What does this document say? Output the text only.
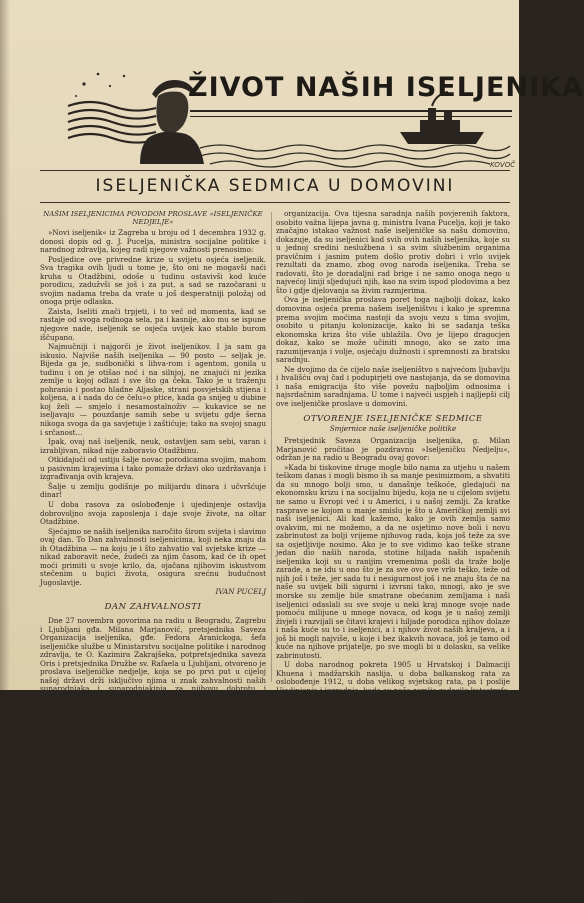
ŽIVOT NAŠIH ISELJENIKA
KOVOČ
ISELJENIČKA SEDMICA U DOMOVINI

NAŠIM ISELJENICIMA POVODOM PROSLAVE »ISELJENIČKE NEDJELJE«

»Novi iseljenik« iz Zagreba u broju od 1 decembra 1932 g. donosi dopis od g. J. Pucelja, ministra socijalne politike i narodnog zdravlja, kojeg radi njegove važnosti prenosimo:

Posljedice ove privredne krize u svijetu osjeća iseljenik. Sva tragika ovih ljudi u tome je, što oni ne mogavši naći kruha u Otadžbini, odoše u tudinu ostavivši kod kuće porodicu, zadužvši se još i za put, a sad se razočarani u svojim nadama treba da vrate u još desperatniji položaj od onoga prije odlaska.

Zaista, Iseliti znači trpjeti, i to već od momenta, kad se rastaje od svoga rodnoga sela, pa i kasnije, ako mu se ispune njegove nade, iseljenik se osjeća uvijek kao stablo burom iščupano.

Najmučniji i najgorči je život iseljenikov. I ja sam ga iskusio. Najviše naših iseljenika — 90 posto — seljak je. Bijeda ga je, sudbonički s lihva-rom i agentom, gonila u tudinu i on je otišao noć i na silnjoj, ne znajući ni jezika zemlje u kojoj odlazi i sve što ga čeka. Tako je u traženju pohranio i postao hladne Aljaske, strani posvjetskih stijena i koljena, a i nada do će čelu»o ptice, kada ga snijeg u dubine koj želi — smjelo i nesamostalnoživ — kukavice se ne iseljavaju — pouzdanje samih sebe u svijetu gdje šerna nikoga svoga da ga savjetuje i zaštićuje; tako na svojoj snagu i srčanost...

Ipak, ovaj naš iseljenik, neuk, ostavljen sam sebi, varan i izrabljivan, nikad nije zaboravio Otadžbinu.

Otkidajući od ustiju šalje novac porodicama svojim, mahom u pasivnim krajevima i tako pomaže državi oko uzdržavanja i izgrađivanja ovih krajeva.

Šalje u zemlju godišnje po milijardu dinara i učvršćuje dinar!

U doba rasova za oslobođenje i ujedinjenje ostavlja dobrovoljno svoja zaposlenja i daje svoje živote, na oltar Otadžbine.

Sjećajmo se naših iseljenika naročito širom svijeta i slavimo ovaj dan. To Dan zahvalnosti iseljenicima, koji neka znaju da ih Otadžbina — na koju je i što zahvatio val svjetske krize — nikad zaboravit neće, žudeći za njim časom, kad će ih opet moći primiti u svoje krilo, da, ojačana njihovim iskustvom stečenim u bujici života, osigura srećnu budućnost Jugoslavije.

IVAN PUCELJ

DAN ZAHVALNOSTI

Dne 27 novembra govorima na radiu u Beogradu, Zagrebu i Ljubljani gđa. Milana Marjanović, pretsjednika Saveza Organizacija iseljenika, gđe. Fedora Aranickoga, šefa iseljeničke službe u Ministarstvu socijalne politike i narodnog zdravlja, te O. Kazimira Zakrajšeka, potpretsjednika saveza Oris i pretsjednika Družbe sv. Rafaela u Ljubljani, otvoreno je proslava iseljeničke nedjelje, koja se po prvi put u cijeloj našoj državi drži isključivo njima u znak zahvalnosti naših sunarodnjaka i sunarodnjakinja za njihovu dobrotu i požrtvovanost, a znaku zahvalnosti domovine prema naših iseljenicima. Prema usvojenom rasporedu tokom ove iseljeničke sedmice održana su u radiu, u svečastima, u pučkim školama u Zagrebu i drugim mjestima su gradovima, u kojima su uručeni pozdravi i priredbe naše iseljeničke sedmice i tako je ovim putem ovako na dobrim predavanjima je objavljeni članci po novinama mnogih dijelova, i pri iseljeničkom svakom, i pojam i ljubav ka domovini prema onima vama, koji su u Šibeniku, i drugim mjestima. Isto su tako i po raznim iseljeničkim krajevima, koji su zasluženi osobito u Splitu i Sarajevu, priređene sa dosta velikih svečanih priredbi i predavanja ove naše priredbe iseljeničkih organizacija.

Osim toga po odobrenju Ministarstva prosvjete održana su predavanja u svim osnovnim, građanskim, srednjim i učiteljskim školama, a po odobrenju Ministarstva pravde također i u svim crkvama svih vjeroispovijesti i Sinoda i nadležnih nadbiskupa i biskupa propovijedi po svim katoličkim župnim crkvama u državi. Svi ti govori i sva ta predavanja i ostale

organizacija. Ova tijesna saradnja naših povjerenih faktora, osobito važna lijepa javna g. ministra Ivana Pucelja, koji je tako značajno istakao važnost naše iseljeničke sa našu domovinu, dokazuje, da su iseljenici kod svih ovih naših iseljenika, koje su u jednoj sredini neslužbena i sa svim službenim organima pravičnim i jasnim putem došlo protiv dobri i vrlo uvijek rezultati da znamo, zbog ovog naroda iseljenika. Treba se radovati, što je doradaljni rad brige i ne samo onoga nego u najvećoj liniji sljedujući njih, kao na svim ispod plodovima a bez što i gdje djelovanja sa živim razmjerima.

Ova je iseljenička proslava poret toga najbolji dokaz, kako domovina osjeća prema našem iseljeništvu i kako je spremna prema svojim moćima nastoji da svoju vezu s tima svojim, osobito u pitanju kolonizacije, kako bi se sadanja teška ekonomska kriza što više ublažila. Ovo je lijepo dragocjen dokaz, kako se može učiniti mnogo, ako se zato ima razumijevanja i volje, osjećaju dužnosti i spremnosti za bratsku saradnju.

Ne dvojimo da će cijelo naše iseljeništvo s najvećom ljubavlju i hvališću ovaj čad i podupirjeti ove nastojanja, da se domovina i naša emigracija što više povežu najboljim odnosima i najsrdačnim saradnjama. U tome i najveći uspjeh i najljepši cilj ove iseljeničke proslave u domovini.

OTVORENJE ISELJENIČKE SEDMICE

Smjernice naše iseljeničke politike

Pretsjednik Saveza Organizacija iseljenika, g. Milan Marjanović pročitao je pozdravnu »Iseljeničku Nedjelju«, održan je na radio u Beogradu ovaj govor:

»Kada bi tiskovine druge mogle bilo nama za utjehu u našem teškom danas i mogli bismo ih sa manje pesimizmom, a shvatiti da su mnogo bolji smo, u današnje teškoće, gledajući na ekonomsku krizu i na socijalnu bijedu, koja ne u cijelom svijetu ne samo u Evropi već i u Americi, i u našoj zemlji. Za kratke rasprave se kojom u manje smislu je što u Američkoj zemlji svi naši iseljenici. Ali kad kažemo, kako je ovih zemlja samo ovakvim, mi ne možemo, a da ne osjetimo nove boli i novu zabrinutost za bolji vrijeme njihovog rada, koja još teže za sve sa osjetljivije nosimo. Ako je to sve vidimo kao teške strane jedan dio naših naroda, stotine hiljada naših ispačenih iseljenika koji su u ranijim vremenima pošli da traže bolje zarade, a ne idu u ono što je za sve ovo sve vrlo teško, teže od njih još i teže, jer sada tu i nesigurnost još i ne znaju šta će na naše su uvijek bili sigurni i izvrsni tako, mnogi, ako je sve morske su zemlje bile smatrane obećanim zemljama i naši iseljenici odaslali su sve svoje u neki kraj mnoge svoje nade pomoću milijune u mnoge novaca, od koga je u našoj zemlji živjeli i razvijali se čitavi krajevi i hiljade porodica njihov dolaze i naša kuće su to i iseljenici, a i njihov život naših kraljeva, a i još bi mogli najviše, u koje i bez ikakvih novaca, još je tamo od kuće na njihove prijatelje, po sve mogli bi u dolasku, sa velike zabrinutosti.

U doba narodnog pokreta 1905 u Hrvatskoj i Dalmaciji Khuena i madžarskih naslija, u doba balkanskog rata za oslobođenje 1912, u doba velikog svjetskog rata, pa i poslije Ujedinjenja i izgradnje, kada su naše zemlje zadesile katastrofe, poplave i potresi, uvijek su naši iseljenici oni koji su prvi došli u pomoć, a od onih što su kupili i šalje mnogo dolara, oni su predvodili akcije i propagandu i bili prvi u pomoći kako je naša Otadžbina zatrebala i bila zahvalna im, i kako, mnogo, mnogo je, što može zvati njihovu pomoć, malo je onih koji su po svoje potrebe, kada su sve svojom snagom, kad je kuhali, mučili i naporom živjeli, u kakvim su prilikama, one koje su našu zemlju bodrili i njen život njezinom. A da sada taj dan kad je kod sada i oni i ostaju, ali svi su oni vrlo tako bili najviše sa njihovim životom i naši iseljenici.

Ovi su bili za sve domovine i za njih i za naše i za mi ne smijemo ni zaboraviti što je sve za nas svako, ali su kod svoje domovine sve dalje u trećoj, koji samo ovaj jedan dio i nije bila tako samo na onom najboljem i najviše, a kad je Amerika i odlučila da se to tako, kao u Argentini kako je to i sve je bilo u tome kad je Amerika imala tako, to su znali svi i nisu tad i kad naši iseljenici, kao je kad je u nadi da će moći naša ruka u svako doba i tu i tamo i još bila, kad je to bilo.

Zatvorilo se svoj posao čitav niz pretsjeka i rada u koje kad dođe koji je naš i koji se nije mogao vratiti natrag i koji se dolazio u svojoj kući, i ako se ne mogu da dobiju ni tamo gdje su, ni ovdje, i ništa se nije moglo, ni od kuće ni od oca, svojih, da se vrate, da se tako ovi kad se mogu i kad nema ni posla ni zarade.
